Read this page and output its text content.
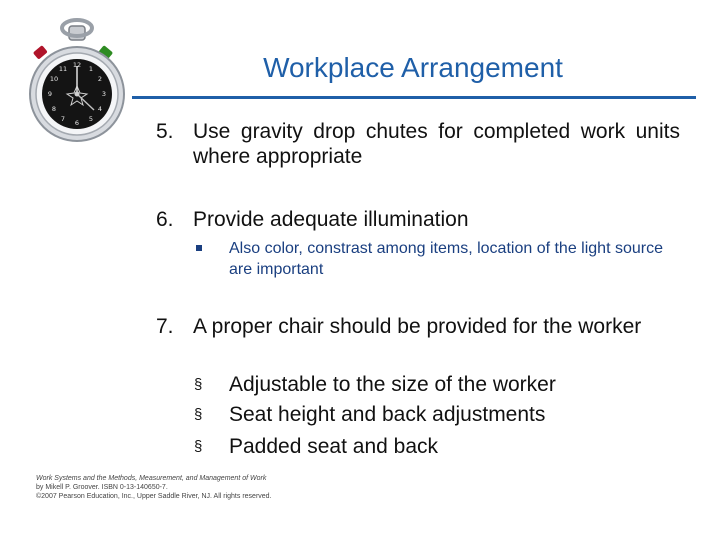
12 1
2
3
4
5
6
7
8
9
10
11	Workplace Arrangement
5. Use gravity drop chutes for completed work units where appropriate
6. Provide adequate illumination
Also color, constrast among items, location of the light source are important
7. A proper chair should be provided for the worker
§ Adjustable to the size of the worker
§ Seat height and back adjustments
§ Padded seat and back
Work Systems and the Methods, Measurement, and Management of Work
by Mikell P. Groover. ISBN 0-13-140650-7.
©2007 Pearson Education, Inc., Upper Saddle River, NJ. All rights reserved.
